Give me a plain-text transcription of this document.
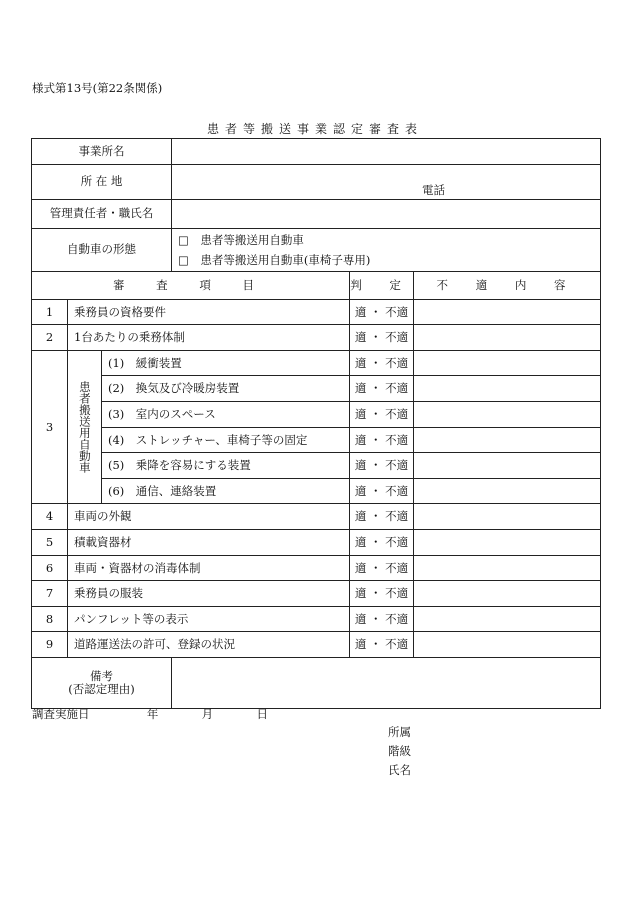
様式第13号(第22条関係)
患者等搬送事業認定審査表
事業所名					
所 在 地			電話		
管理責任者・職氏名					
自動車の形態			□　患者等搬送用自動車
□　患者等搬送用自動車(車椅子専用)		

審 査 項 目				判 定	不 適 内 容
1	乗務員の資格要件			適 ・ 不適	
2	1台あたりの乗務体制			適 ・ 不適	
3	患者搬送用自動車	(1)　緩衝装置		適 ・ 不適	
		(2)　換気及び冷暖房装置		適 ・ 不適	
		(3)　室内のスペース		適 ・ 不適	
		(4)　ストレッチャー、車椅子等の固定		適 ・ 不適	
		(5)　乗降を容易にする装置		適 ・ 不適	
		(6)　通信、連絡装置		適 ・ 不適	
4	車両の外観			適 ・ 不適	
5	積載資器材			適 ・ 不適	
6	車両・資器材の消毒体制			適 ・ 不適	
7	乗務員の服装			適 ・ 不適	
8	パンフレット等の表示			適 ・ 不適	
9	道路運送法の許可、登録の状況			適 ・ 不適	

備考
(否認定理由)					

調査実施日	年	月	日
所属
階級
氏名
